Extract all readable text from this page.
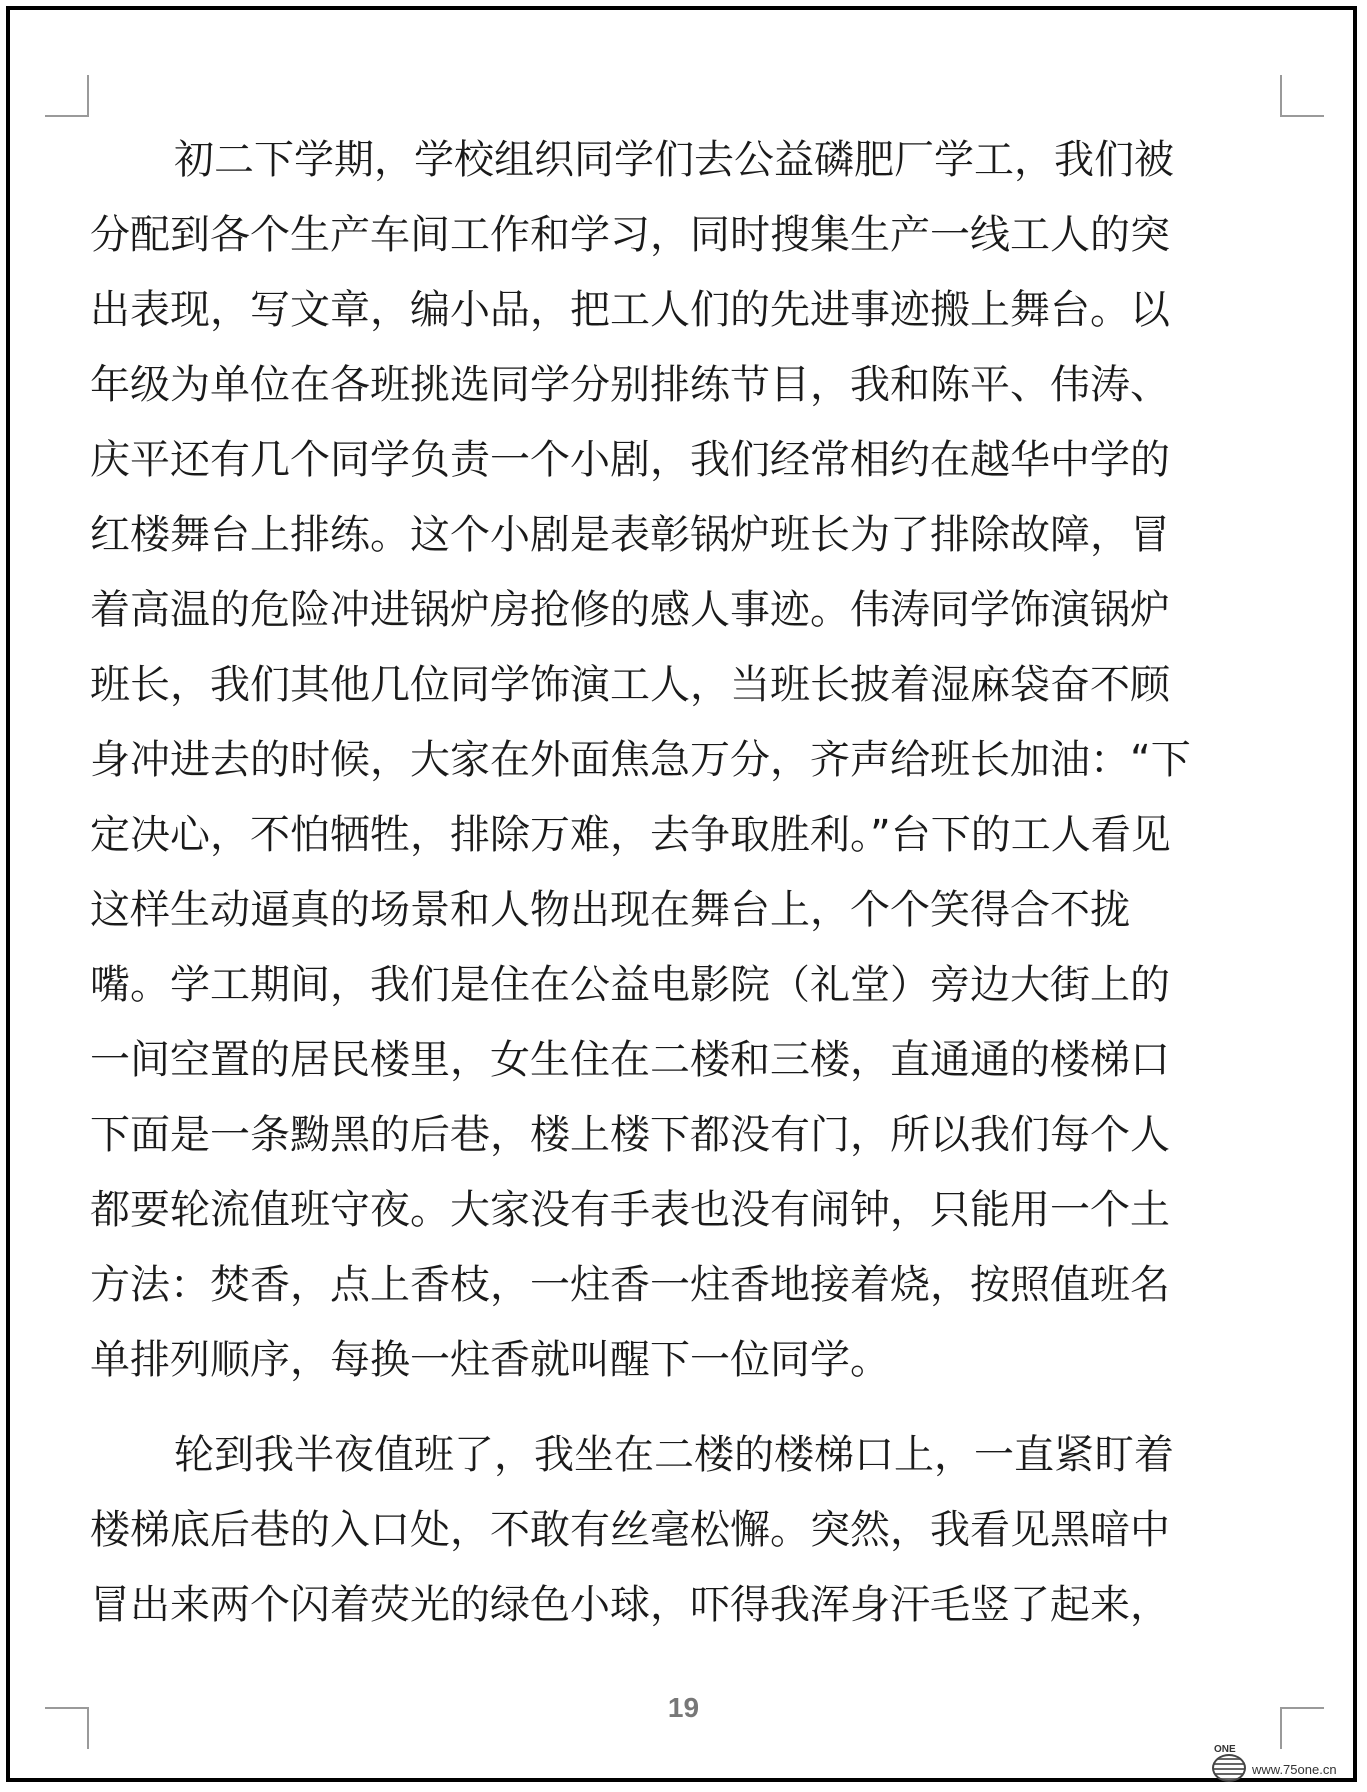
初二下学期，学校组织同学们去公益磷肥厂学工，我们被
分配到各个生产车间工作和学习，同时搜集生产一线工人的突
出表现，写文章，编小品，把工人们的先进事迹搬上舞台。以
年级为单位在各班挑选同学分别排练节目，我和陈平、伟涛、
庆平还有几个同学负责一个小剧，我们经常相约在越华中学的
红楼舞台上排练。这个小剧是表彰锅炉班长为了排除故障，冒
着高温的危险冲进锅炉房抢修的感人事迹。伟涛同学饰演锅炉
班长，我们其他几位同学饰演工人，当班长披着湿麻袋奋不顾
身冲进去的时候，大家在外面焦急万分，齐声给班长加油：“下
定决心，不怕牺牲，排除万难，去争取胜利。”台下的工人看见
这样生动逼真的场景和人物出现在舞台上，个个笑得合不拢
嘴。学工期间，我们是住在公益电影院（礼堂）旁边大街上的
一间空置的居民楼里，女生住在二楼和三楼，直通通的楼梯口
下面是一条黝黑的后巷，楼上楼下都没有门，所以我们每个人
都要轮流值班守夜。大家没有手表也没有闹钟，只能用一个土
方法：焚香，点上香枝，一炷香一炷香地接着烧，按照值班名
单排列顺序，每换一炷香就叫醒下一位同学。
轮到我半夜值班了，我坐在二楼的楼梯口上，一直紧盯着
楼梯底后巷的入口处，不敢有丝毫松懈。突然，我看见黑暗中
冒出来两个闪着荧光的绿色小球，吓得我浑身汗毛竖了起来，
19
ONE
www.75one.cn
